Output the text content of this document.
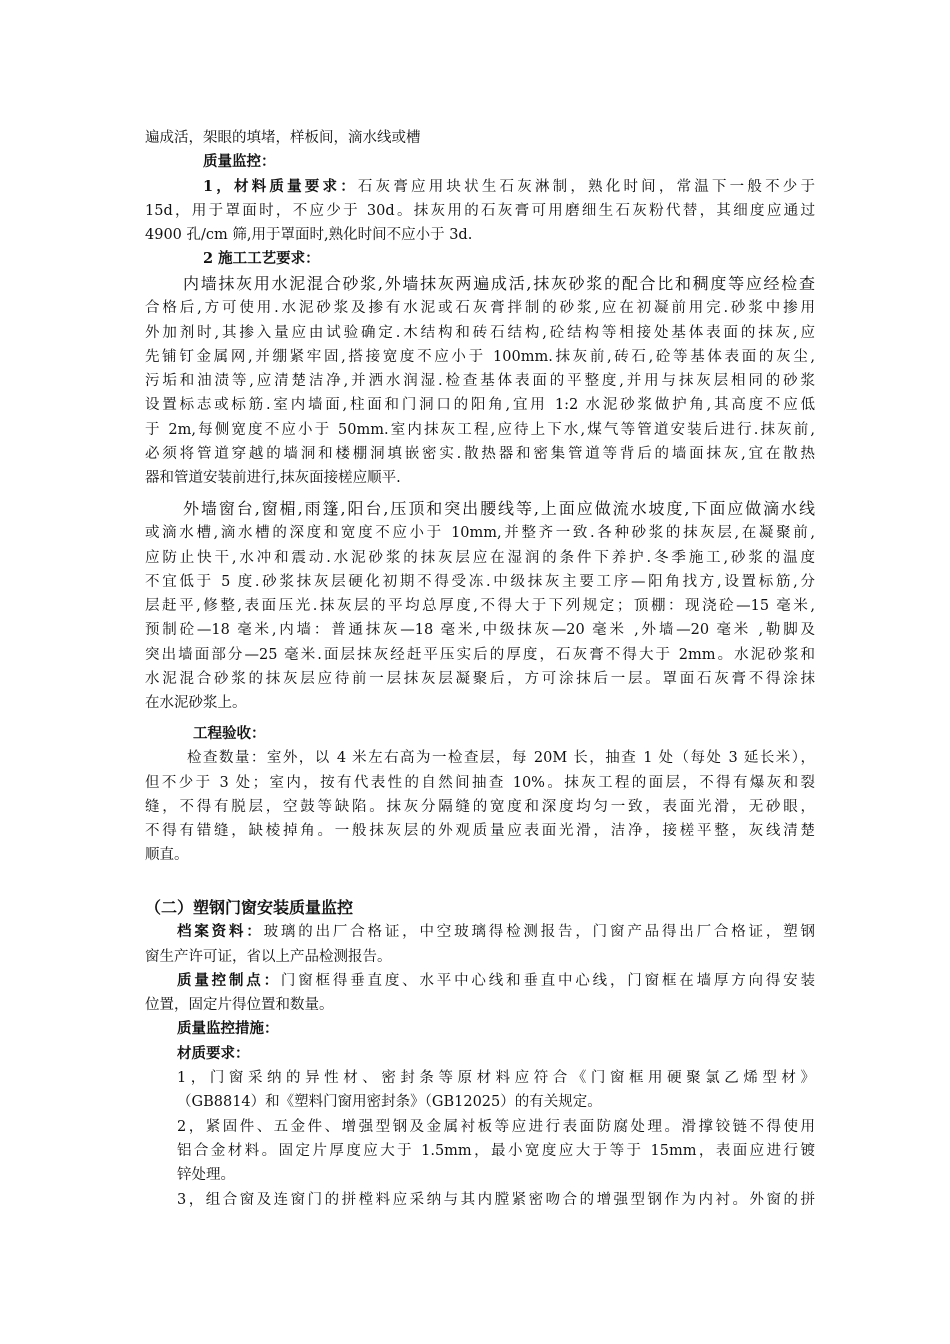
遍成活，架眼的填堵，样板间，滴水线或槽
质量监控：
1，材料质量要求：石灰膏应用块状生石灰淋制，熟化时间，常温下一般不少于
15d，用于罩面时，不应少于 30d。抹灰用的石灰膏可用磨细生石灰粉代替，其细度应通过
4900 孔/cm 筛,用于罩面时,熟化时间不应小于 3d.
2 施工工艺要求：
内墙抹灰用水泥混合砂浆,外墙抹灰两遍成活,抹灰砂浆的配合比和稠度等应经检查
合格后,方可使用.水泥砂浆及掺有水泥或石灰膏拌制的砂浆,应在初凝前用完.砂浆中掺用
外加剂时,其掺入量应由试验确定.木结构和砖石结构,砼结构等相接处基体表面的抹灰,应
先铺钉金属网,并绷紧牢固,搭接宽度不应小于 100mm.抹灰前,砖石,砼等基体表面的灰尘,
污垢和油渍等,应清楚洁净,并洒水润湿.检查基体表面的平整度,并用与抹灰层相同的砂浆
设置标志或标筋.室内墙面,柱面和门洞口的阳角,宜用 1:2 水泥砂浆做护角,其高度不应低
于 2m,每侧宽度不应小于 50mm.室内抹灰工程,应待上下水,煤气等管道安装后进行.抹灰前,
必须将管道穿越的墙洞和楼棚洞填嵌密实.散热器和密集管道等背后的墙面抹灰,宜在散热
器和管道安装前进行,抹灰面接槎应顺平.
外墙窗台,窗楣,雨篷,阳台,压顶和突出腰线等,上面应做流水坡度,下面应做滴水线
或滴水槽,滴水槽的深度和宽度不应小于 10mm,并整齐一致.各种砂浆的抹灰层,在凝聚前,
应防止快干,水冲和震动.水泥砂浆的抹灰层应在湿润的条件下养护.冬季施工,砂浆的温度
不宜低于 5 度.砂浆抹灰层硬化初期不得受冻.中级抹灰主要工序—阳角找方,设置标筋,分
层赶平,修整,表面压光.抹灰层的平均总厚度,不得大于下列规定；顶棚：现浇砼—15 毫米,
预制砼—18 毫米,内墙：普通抹灰—18 毫米,中级抹灰—20 毫米 ,外墙—20 毫米 ,勒脚及
突出墙面部分—25 毫米.面层抹灰经赶平压实后的厚度，石灰膏不得大于 2mm。水泥砂浆和
水泥混合砂浆的抹灰层应待前一层抹灰层凝聚后，方可涂抹后一层。罩面石灰膏不得涂抹
在水泥砂浆上。
工程验收：
检查数量：室外，以 4 米左右高为一检查层，每 20M 长，抽查 1 处（每处 3 延长米），
但不少于 3 处；室内，按有代表性的自然间抽查 10%。抹灰工程的面层，不得有爆灰和裂
缝，不得有脱层，空鼓等缺陷。抹灰分隔缝的宽度和深度均匀一致，表面光滑，无砂眼，
不得有错缝，缺棱掉角。一般抹灰层的外观质量应表面光滑，洁净，接槎平整，灰线清楚
顺直。
（二）塑钢门窗安装质量监控
档案资料：玻璃的出厂合格证，中空玻璃得检测报告，门窗产品得出厂合格证，塑钢
窗生产许可证，省以上产品检测报告。
质量控制点：门窗框得垂直度、水平中心线和垂直中心线，门窗框在墙厚方向得安装
位置，固定片得位置和数量。
质量监控措施：
材质要求：
1，门窗采纳的异性材、密封条等原材料应符合《门窗框用硬聚氯乙烯型材》
（GB8814）和《塑料门窗用密封条》（GB12025）的有关规定。
2，紧固件、五金件、增强型钢及金属衬板等应进行表面防腐处理。滑撑铰链不得使用
铝合金材料。固定片厚度应大于 1.5mm，最小宽度应大于等于 15mm，表面应进行镀
锌处理。
3，组合窗及连窗门的拼樘料应采纳与其内膛紧密吻合的增强型钢作为内衬。外窗的拼
